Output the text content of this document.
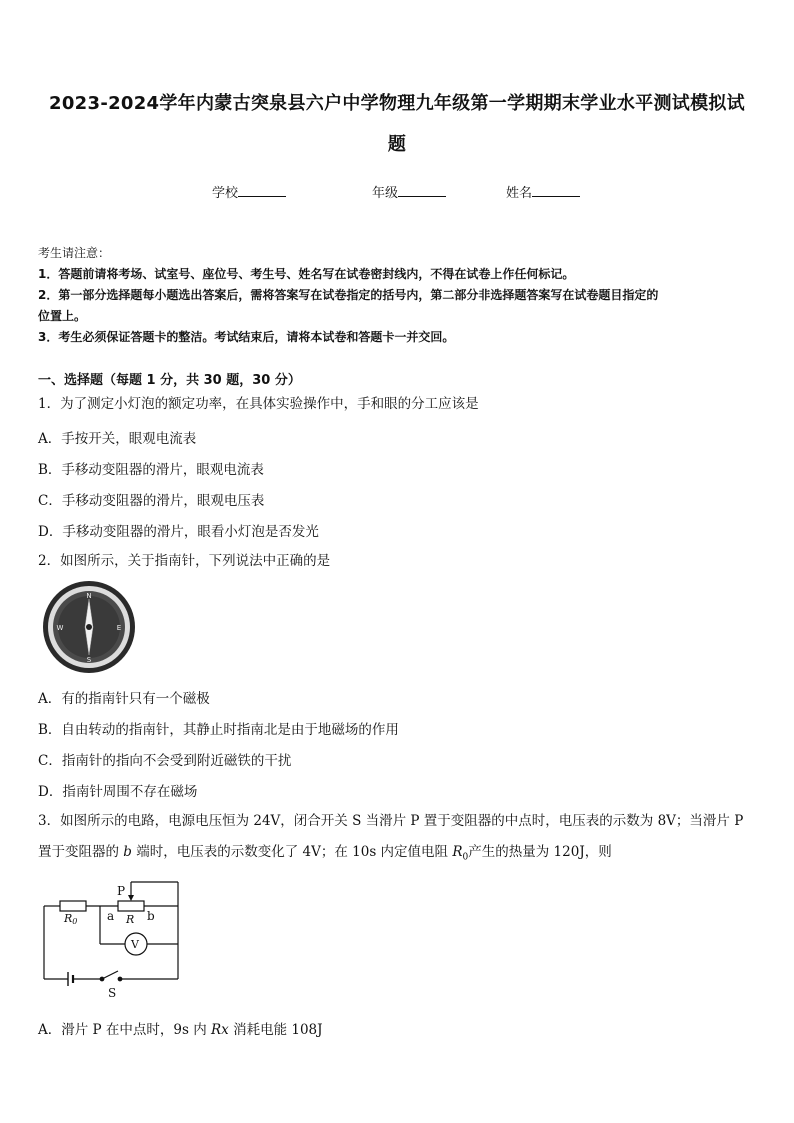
2023-2024学年内蒙古突泉县六户中学物理九年级第一学期期末学业水平测试模拟试
题
学校	年级	姓名
考生请注意：
1．答题前请将考场、试室号、座位号、考生号、姓名写在试卷密封线内，不得在试卷上作任何标记。
2．第一部分选择题每小题选出答案后，需将答案写在试卷指定的括号内，第二部分非选择题答案写在试卷题目指定的
位置上。
3．考生必须保证答题卡的整洁。考试结束后，请将本试卷和答题卡一并交回。
一、选择题（每题 1 分，共 30 题，30 分）
1．为了测定小灯泡的额定功率，在具体实验操作中，手和眼的分工应该是
A．手按开关，眼观电流表
B．手移动变阻器的滑片，眼观电流表
C．手移动变阻器的滑片，眼观电压表
D．手移动变阻器的滑片，眼看小灯泡是否发光
2．如图所示，关于指南针，下列说法中正确的是
N
S
E
W
A．有的指南针只有一个磁极
B．自由转动的指南针，其静止时指南北是由于地磁场的作用
C．指南针的指向不会受到附近磁铁的干扰
D．指南针周围不存在磁场
3．如图所示的电路，电源电压恒为 24V，闭合开关 S 当滑片 P 置于变阻器的中点时，电压表的示数为 8V；当滑片 P
置于变阻器的 b 端时，电压表的示数变化了 4V；在 10s 内定值电阻 $R_0$产生的热量为 120J，则
P
R0 a R b
V
S
A．滑片 P 在中点时，9s 内 Rx 消耗电能 108J
